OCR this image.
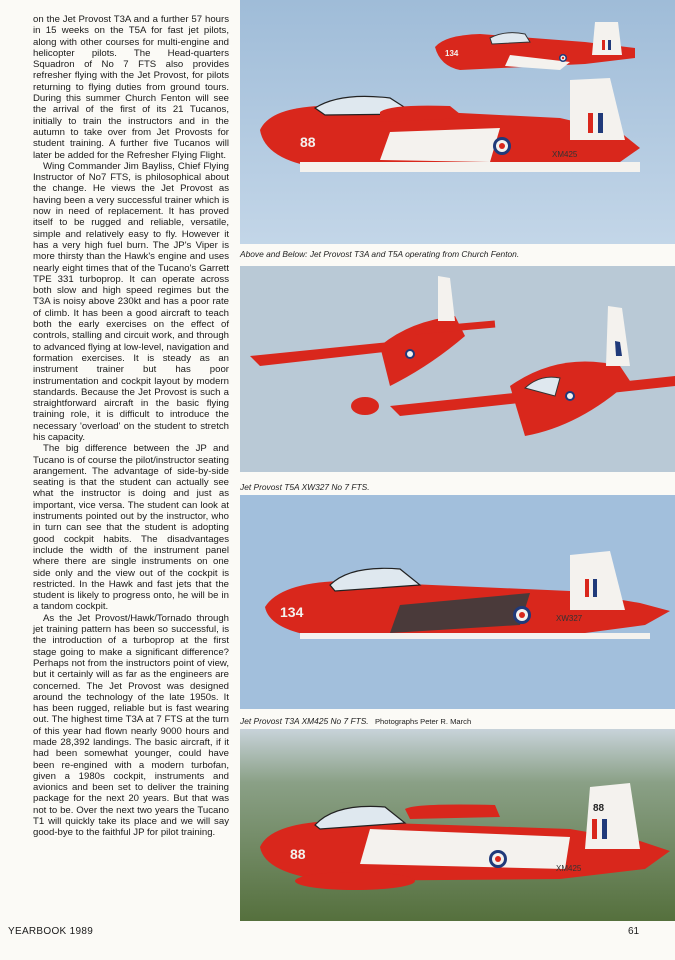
on the Jet Provost T3A and a further 57 hours in 15 weeks on the T5A for fast jet pilots, along with other courses for multi-engine and helicopter pilots. The Head-quarters Squadron of No 7 FTS also provides refresher flying with the Jet Provost, for pilots returning to flying duties from ground tours. During this summer Church Fenton will see the arrival of the first of its 21 Tucanos, initially to train the instructors and in the autumn to take over from Jet Provosts for student training. A further five Tucanos will later be added for the Refresher Flying Flight.

Wing Commander Jim Bayliss, Chief Flying Instructor of No7 FTS, is philosophical about the change. He views the Jet Provost as having been a very successful trainer which is now in need of replacement. It has proved itself to be rugged and reliable, versatile, simple and relatively easy to fly. However it has a very high fuel burn. The JP's Viper is more thirsty than the Hawk's engine and uses nearly eight times that of the Tucano's Garrett TPE 331 turboprop. It can operate across both slow and high speed regimes but the T3A is noisy above 230kt and has a poor rate of climb. It has been a good aircraft to teach both the early exercises on the effect of controls, stalling and circuit work, and through to advanced flying at low-level, navigation and formation exercises. It is steady as an instrument trainer but has poor instrumentation and cockpit layout by modern standards. Because the Jet Provost is such a straightforward aircraft in the basic flying training role, it is difficult to introduce the necessary 'overload' on the student to stretch his capacity.

The big difference between the JP and Tucano is of course the pilot/instructor seating arangement. The advantage of side-by-side seating is that the student can actually see what the instructor is doing and just as important, vice versa. The student can look at instruments pointed out by the instructor, who in turn can see that the student is adopting good cockpit habits. The disadvantages include the width of the instrument panel where there are single instruments on one side only and the view out of the cockpit is restricted. In the Hawk and fast jets that the student is likely to progress onto, he will be in a tandom cockpit.

As the Jet Provost/Hawk/Tornado through jet training pattern has been so successful, is the introduction of a turboprop at the first stage going to make a significant difference? Perhaps not from the instructors point of view, but it certainly will as far as the engineers are concerned. The Jet Provost was designed around the technology of the late 1950s. It has been rugged, reliable but is fast wearing out. The highest time T3A at 7 FTS at the turn of this year had flown nearly 9000 hours and made 28,392 landings. The basic aircraft, if it had been somewhat younger, could have been re-engined with a modern turbofan, given a 1980s cockpit, instruments and avionics and been set to deliver the training package for the next 20 years. But that was not to be. Over the next two years the Tucano T1 will quickly take its place and we will say good-bye to the faithful JP for pilot training.

134
88
XM425
Above and Below: Jet Provost T3A and T5A operating from Church Fenton.
Jet Provost T5A XW327 No 7 FTS.
134	XW327
Jet Provost T3A XM425 No 7 FTS. Photographs Peter R. March
88
88
XM425
YEARBOOK 1989	61
